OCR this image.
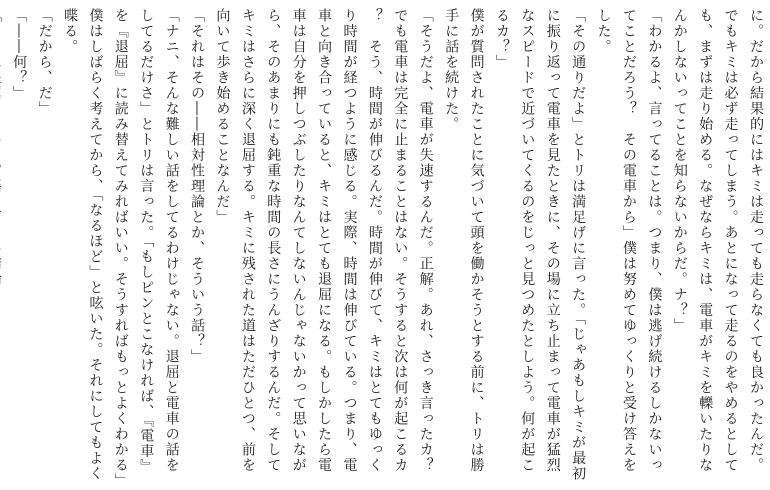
に。だから結果的にはキミは走っても走らなくても良かったんだ。

でもキミは必ず走ってしまう。あとになって走るのをやめるとしても、まずは走り始める。なぜならキミは、電車がキミを轢いたりなんかしないってことを知らないからだ。ナ？」

「わかるよ、言ってることは。つまり、僕は逃げ続けるしかないってことだろう？　その電車から」僕は努めてゆっくりと受け答えをした。

「その通りだよ」とトリは満足げに言った。「じゃあもしキミが最初に振り返って電車を見たときに、その場に立ち止まって電車が猛烈なスピードで近づいてくるのをじっと見つめたとしよう。何が起こるカ？」

僕が質問されたことに気づいて頭を働かそうとする前に、トリは勝手に話を続けた。

「そうだよ、電車が失速するんだ。正解。あれ、さっき言ったカ？でも電車は完全に止まることはない。そうすると次は何が起こるカ？　そう、時間が伸びるんだ。時間が伸びて、キミはとてもゆっくり時間が経つように感じる。実際、時間は伸びている。つまり、電車と向き合っていると、キミはとても退屈になる。もしかしたら電車は自分を押しつぶしたりなんてしないんじゃないかって思いながら、そのあまりにも鈍重な時間の長さにうんざりするんだ。そしてキミはさらに深く退屈する。キミに残された道はただひとつ、前を向いて歩き始めることなんだ」

「それはその――相対性理論とか、そういう話？」

「ナニ、そんな難しい話をしてるわけじゃない。退屈と電車の話をしてるだけさ」とトリは言った。「もしピンとこなければ、『電車』を『退屈』に読み替えてみればいい。そうすればもっとよくわかる」

僕はしばらく考えてから、「なるほど」と呟いた。それにしてもよく喋る。

「だから、だ」

「――何？」
